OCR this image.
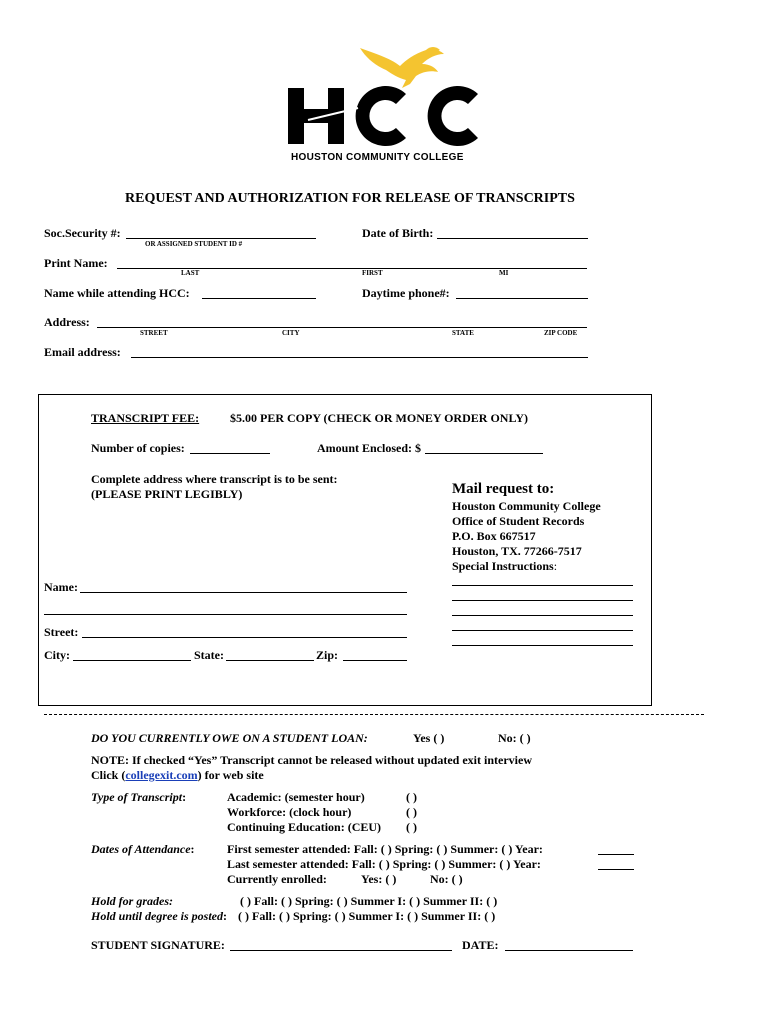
HOUSTON COMMUNITY COLLEGE
REQUEST AND AUTHORIZATION FOR RELEASE OF TRANSCRIPTS
Soc.Security #:
OR ASSIGNED STUDENT ID #
Date of Birth:
Print Name:
LAST	FIRST	MI
Name while attending HCC:	Daytime phone#:
Address:
STREET	CITY	STATE	ZIP CODE
Email address:
TRANSCRIPT FEE:	$5.00 PER COPY (CHECK OR MONEY ORDER ONLY)
Number of copies:	Amount Enclosed: $
Complete address where transcript is to be sent:
(PLEASE PRINT LEGIBLY)	Mail request to:
Houston Community College
Office of Student Records
P.O. Box 667517
Houston, TX. 77266-7517
Special Instructions:
Name:
Street:
City:	State:	Zip:
DO YOU CURRENTLY OWE ON A STUDENT LOAN:	Yes ( )	No: ( )
NOTE: If checked “Yes” Transcript cannot be released without updated exit interview
Click (collegexit.com) for web site
Type of Transcript:	Academic: (semester hour)	( )
Workforce: (clock hour)	( )
Continuing Education: (CEU) ( )
Dates of Attendance:	First semester attended: Fall: ( ) Spring: ( ) Summer: ( ) Year:
Last semester attended: Fall: ( ) Spring: ( ) Summer: ( ) Year:
Currently enrolled:	Yes: ( )	No: ( )
Hold for grades:	( ) Fall: ( ) Spring: ( ) Summer I: ( ) Summer II: ( )
Hold until degree is posted: ( ) Fall: ( ) Spring: ( ) Summer I: ( ) Summer II: ( )
STUDENT SIGNATURE:	DATE:
